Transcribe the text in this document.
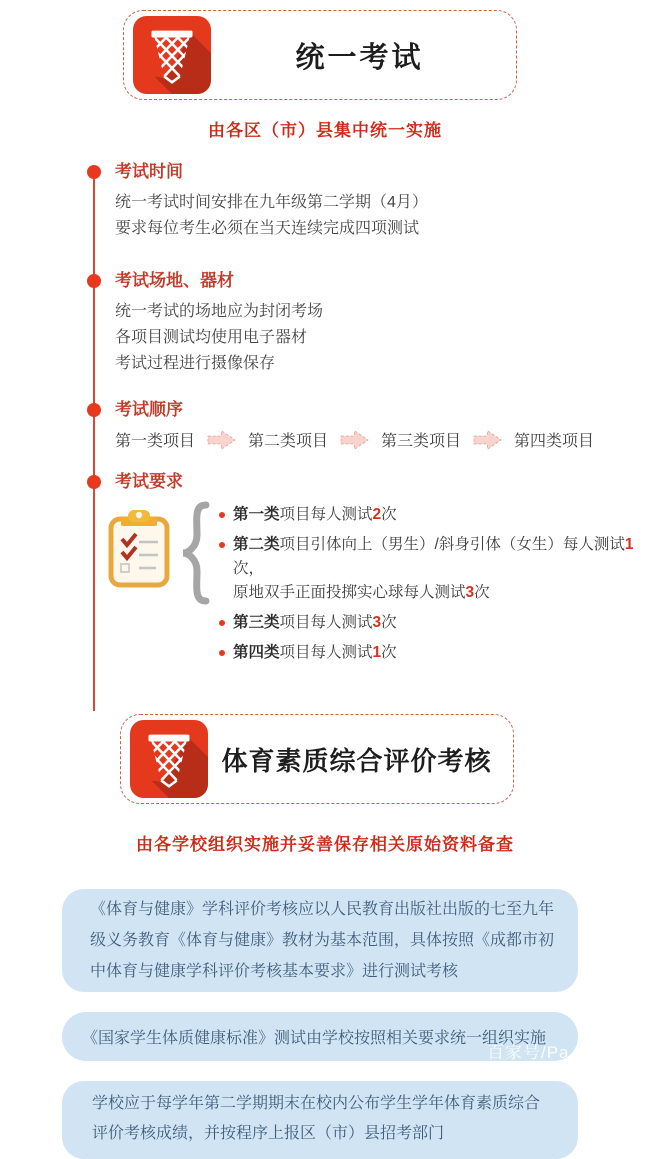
统一考试
由各区（市）县集中统一实施
考试时间

统一考试时间安排在九年级第二学期（4月）

要求每位考生必须在当天连续完成四项测试

考试场地、器材

统一考试的场地应为封闭考场

各项目测试均使用电子器材

考试过程进行摄像保存

考试顺序
第一类项目	第二类项目	第三类项目	第四类项目
考试要求
第一类项目每人测试2次
第二类项目引体向上（男生）/斜身引体（女生）每人测试1次，
原地双手正面投掷实心球每人测试3次
第三类项目每人测试3次
第四类项目每人测试1次
体育素质综合评价考核
由各学校组织实施并妥善保存相关原始资料备查

《体育与健康》学科评价考核应以人民教育出版社出版的七至九年级义务教育《体育与健康》教材为基本范围，具体按照《成都市初中体育与健康学科评价考核基本要求》进行测试考核

《国家学生体质健康标准》测试由学校按照相关要求统一组织实施

学校应于每学年第二学期期末在校内公布学生学年体育素质综合评价考核成绩，并按程序上报区（市）县招考部门

百家号/Pa
